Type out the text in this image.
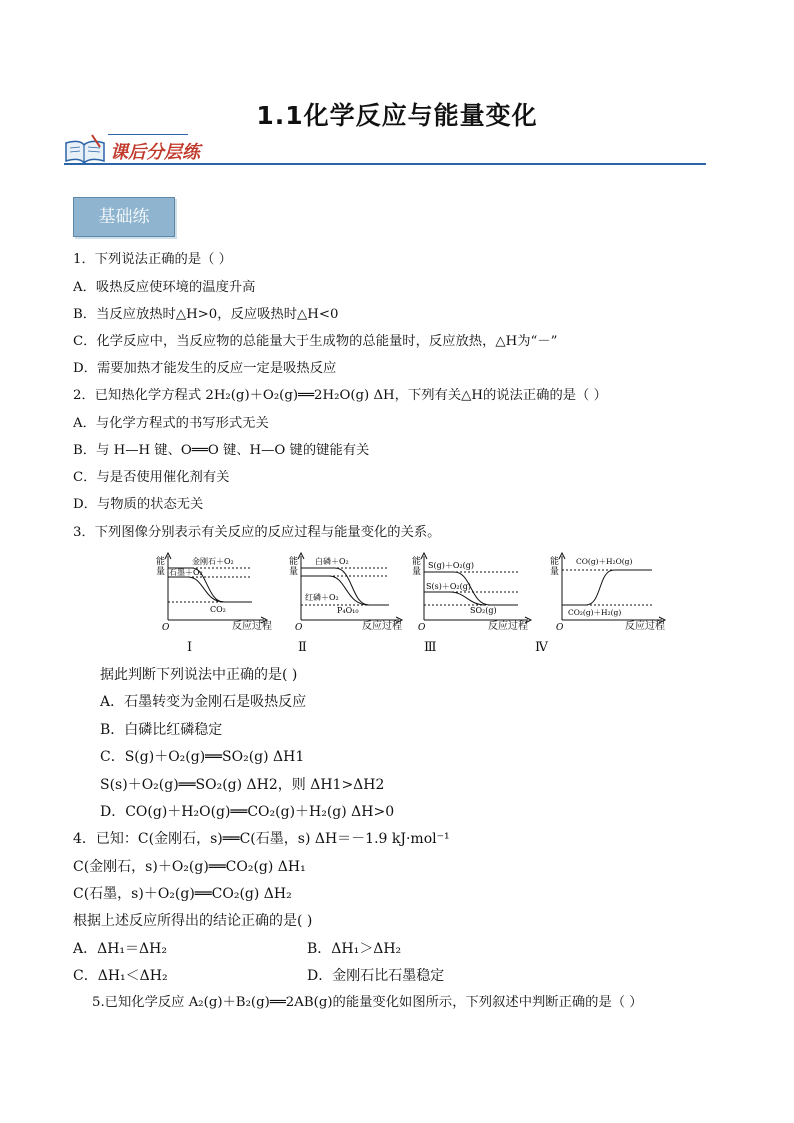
1.1化学反应与能量变化
课后分层练
基础练
1．下列说法正确的是（ ）
A．吸热反应使环境的温度升高
B．当反应放热时△H>0，反应吸热时△H<0
C．化学反应中，当反应物的总能量大于生成物的总能量时，反应放热，△H为“－”
D．需要加热才能发生的反应一定是吸热反应
2．已知热化学方程式 2H₂(g)＋O₂(g)══2H₂O(g) ΔH，下列有关△H的说法正确的是（ ）
A．与化学方程式的书写形式无关
B．与 H—H 键、O══O 键、H—O 键的键能有关
C．与是否使用催化剂有关
D．与物质的状态无关
3．下列图像分别表示有关反应的反应过程与能量变化的关系。
能
量
O
金刚石＋O₂
石墨＋O₂
CO₂
能
量
O
白磷＋O₂
红磷＋O₂
P₄O₁₀
能
量
O
S(g)＋O₂(g)
S(s)＋O₂(g)
SO₂(g)
能
量
O
CO(g)＋H₂O(g)
CO₂(g)＋H₂(g)
反应过程	反应过程	反应过程	反应过程
Ⅰ	Ⅱ	Ⅲ	Ⅳ
据此判断下列说法中正确的是( )
A．石墨转变为金刚石是吸热反应
B．白磷比红磷稳定
C．S(g)＋O₂(g)══SO₂(g) ΔH1
S(s)＋O₂(g)══SO₂(g) ΔH2，则 ΔH1>ΔH2
D．CO(g)＋H₂O(g)══CO₂(g)＋H₂(g) ΔH>0
4．已知：C(金刚石，s)══C(石墨，s) ΔH＝－1.9 kJ·mol⁻¹
C(金刚石，s)＋O₂(g)══CO₂(g) ΔH₁
C(石墨，s)＋O₂(g)══CO₂(g) ΔH₂
根据上述反应所得出的结论正确的是( )
A．ΔH₁＝ΔH₂	B．ΔH₁＞ΔH₂
C．ΔH₁＜ΔH₂	D．金刚石比石墨稳定
5.已知化学反应 A₂(g)＋B₂(g)══2AB(g)的能量变化如图所示，下列叙述中判断正确的是（ ）
